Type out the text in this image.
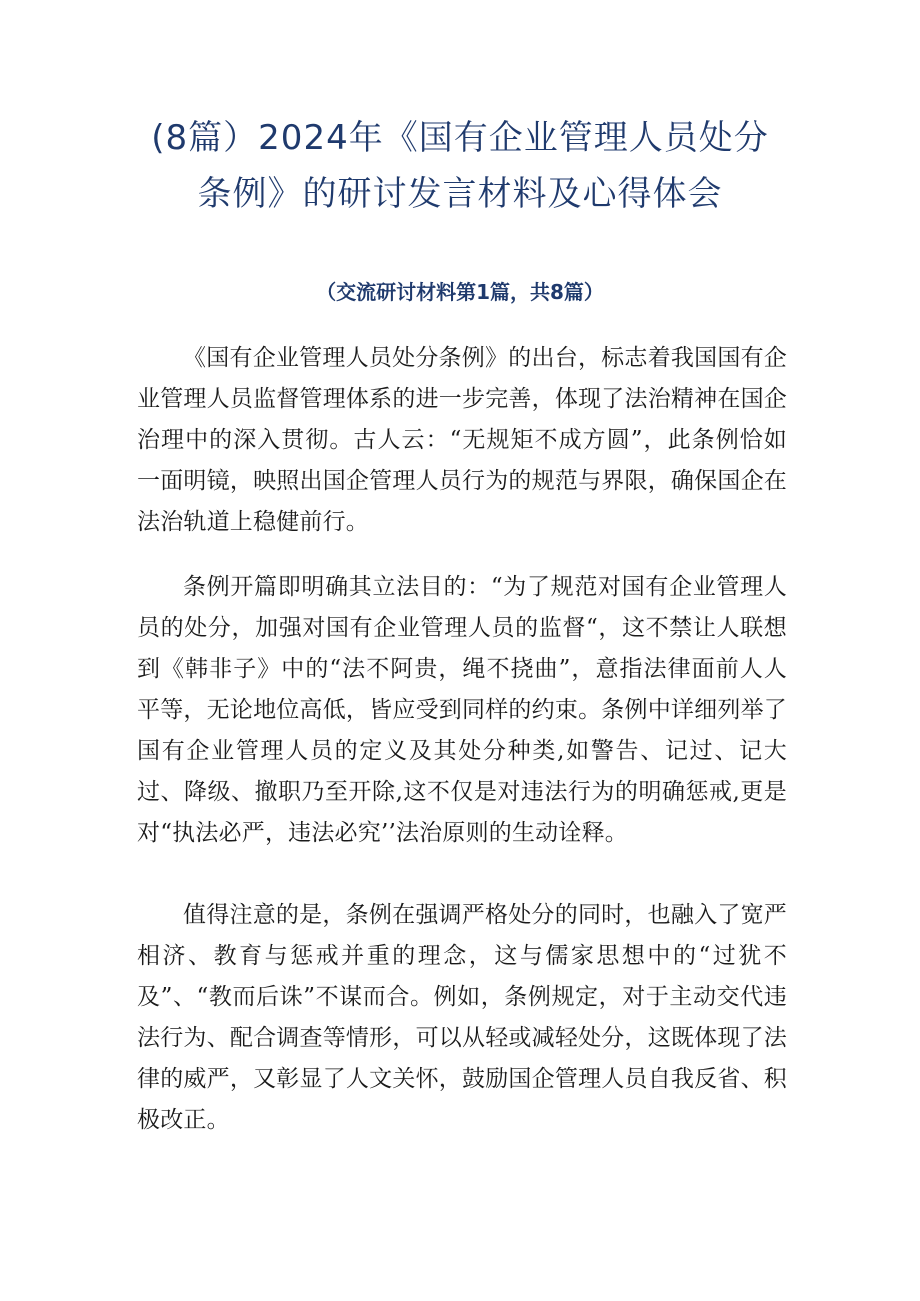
(8篇）2024年《国有企业管理人员处分
条例》的研讨发言材料及心得体会

（交流研讨材料第1篇，共8篇）

《国有企业管理人员处分条例》的出台，标志着我国国有企业管理人员监督管理体系的进一步完善，体现了法治精神在国企治理中的深入贯彻。古人云：“无规矩不成方圆”，此条例恰如一面明镜，映照出国企管理人员行为的规范与界限，确保国企在法治轨道上稳健前行。

条例开篇即明确其立法目的：“为了规范对国有企业管理人员的处分，加强对国有企业管理人员的监督“，这不禁让人联想到《韩非子》中的“法不阿贵，绳不挠曲”，意指法律面前人人平等，无论地位高低，皆应受到同样的约束。条例中详细列举了国有企业管理人员的定义及其处分种类,如警告、记过、记大过、降级、撤职乃至开除,这不仅是对违法行为的明确惩戒,更是对“执法必严，违法必究’’法治原则的生动诠释。

值得注意的是，条例在强调严格处分的同时，也融入了宽严相济、教育与惩戒并重的理念，这与儒家思想中的“过犹不及”、“教而后诛”不谋而合。例如，条例规定，对于主动交代违法行为、配合调查等情形，可以从轻或减轻处分，这既体现了法律的威严，又彰显了人文关怀，鼓励国企管理人员自我反省、积极改正。
